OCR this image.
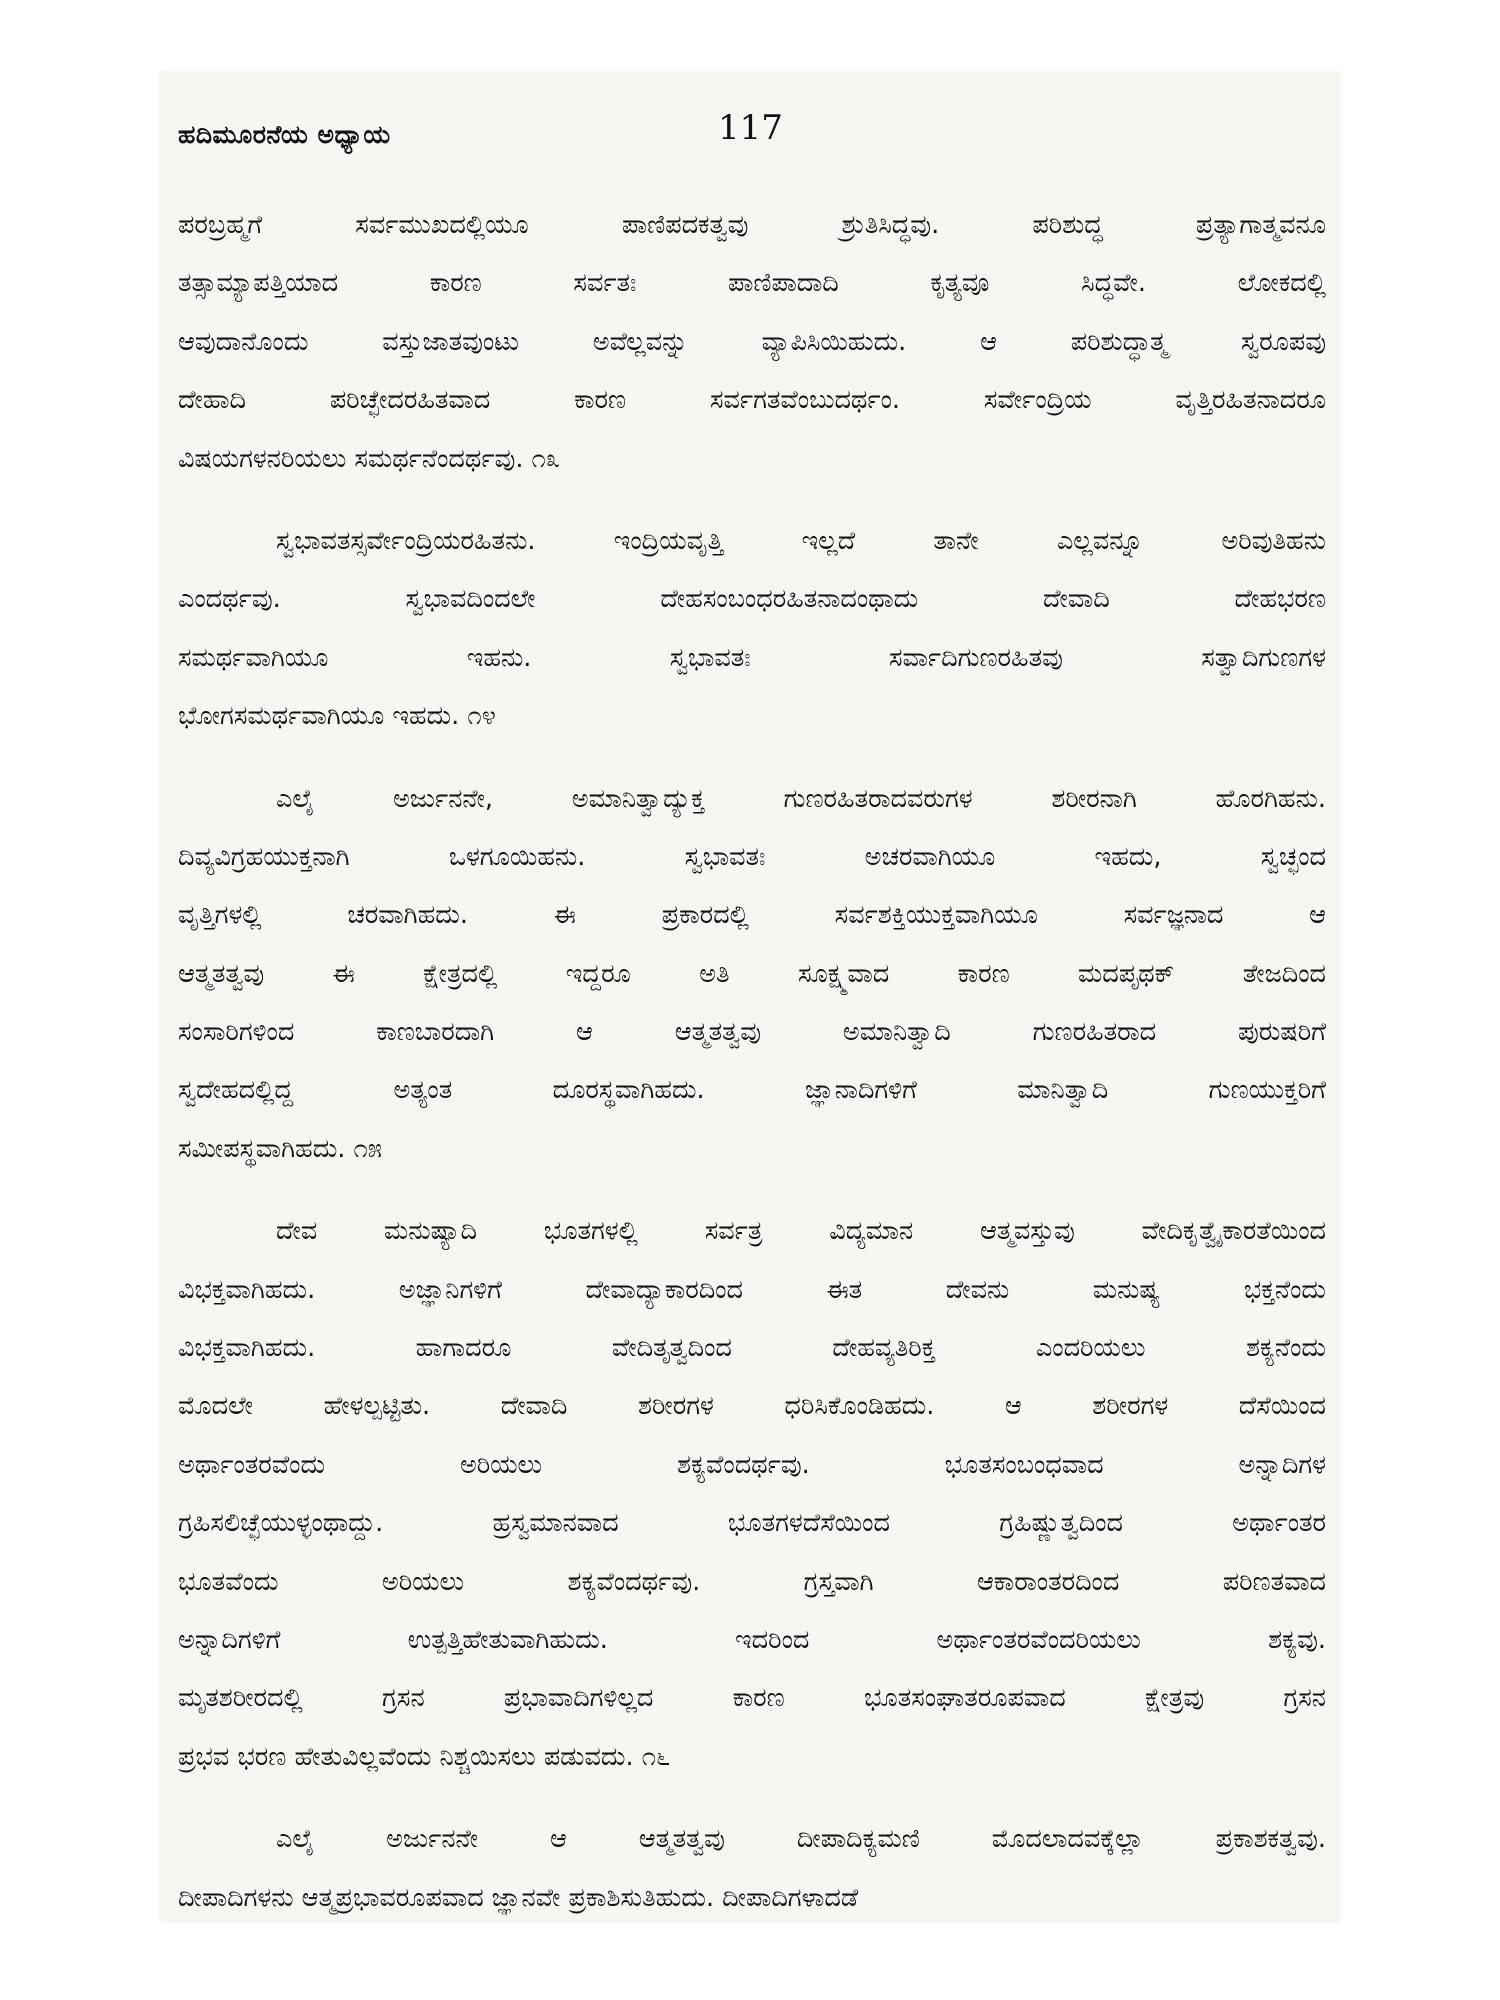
ಹದಿಮೂರನೆಯ ಅಧ್ಯಾಯ	117
ಪರಬ್ರಹ್ಮಗೆ ಸರ್ವಮುಖದಲ್ಲಿಯೂ ಪಾಣಿಪದಕತ್ವವು ಶ್ರುತಿಸಿದ್ಧವು. ಪರಿಶುದ್ಧ ಪ್ರತ್ಯಾಗಾತ್ಮವನೂ
ತತ್ಸಾಮ್ಯಾಪತ್ತಿಯಾದ ಕಾರಣ ಸರ್ವತಃ ಪಾಣಿಪಾದಾದಿ ಕೃತ್ಯವೂ ಸಿದ್ಧವೇ. ಲೋಕದಲ್ಲಿ
ಆವುದಾನೊಂದು ವಸ್ತುಜಾತವುಂಟು ಅವೆಲ್ಲವನ್ನು ವ್ಯಾಪಿಸಿಯಿಹುದು. ಆ ಪರಿಶುದ್ಧಾತ್ಮ ಸ್ವರೂಪವು
ದೇಹಾದಿ ಪರಿಚ್ಛೇದರಹಿತವಾದ ಕಾರಣ ಸರ್ವಗತವೆಂಬುದರ್ಥಂ. ಸರ್ವೇಂದ್ರಿಯ ವೃತ್ತಿರಹಿತನಾದರೂ
ವಿಷಯಗಳನರಿಯಲು ಸಮರ್ಥನೆಂದರ್ಥವು. ೧೩
ಸ್ವಭಾವತಸ್ಸರ್ವೇಂದ್ರಿಯರಹಿತನು. ಇಂದ್ರಿಯವೃತ್ತಿ ಇಲ್ಲದೆ ತಾನೇ ಎಲ್ಲವನ್ನೂ ಅರಿವುತಿಹನು
ಎಂದರ್ಥವು. ಸ್ವಭಾವದಿಂದಲೇ ದೇಹಸಂಬಂಧರಹಿತನಾದಂಥಾದು ದೇವಾದಿ ದೇಹಭರಣ
ಸಮರ್ಥವಾಗಿಯೂ ಇಹನು. ಸ್ವಭಾವತಃ ಸರ್ವಾದಿಗುಣರಹಿತವು ಸತ್ವಾದಿಗುಣಗಳ
ಭೋಗಸಮರ್ಥವಾಗಿಯೂ ಇಹದು. ೧೪
ಎಲೈ ಅರ್ಜುನನೇ, ಅಮಾನಿತ್ವಾದ್ಯುಕ್ತ ಗುಣರಹಿತರಾದವರುಗಳ ಶರೀರನಾಗಿ ಹೊರಗಿಹನು.
ದಿವ್ಯವಿಗ್ರಹಯುಕ್ತನಾಗಿ ಒಳಗೂಯಿಹನು. ಸ್ವಭಾವತಃ ಅಚರವಾಗಿಯೂ ಇಹದು, ಸ್ವಚ್ಛಂದ
ವೃತ್ತಿಗಳಲ್ಲಿ ಚರವಾಗಿಹದು. ಈ ಪ್ರಕಾರದಲ್ಲಿ ಸರ್ವಶಕ್ತಿಯುಕ್ತವಾಗಿಯೂ ಸರ್ವಜ್ಞನಾದ ಆ
ಆತ್ಮತತ್ವವು ಈ ಕ್ಷೇತ್ರದಲ್ಲಿ ಇದ್ದರೂ ಅತಿ ಸೂಕ್ಷ್ಮವಾದ ಕಾರಣ ಮದಪೃಥಕ್ ತೇಜದಿಂದ
ಸಂಸಾರಿಗಳಿಂದ ಕಾಣಬಾರದಾಗಿ ಆ ಆತ್ಮತತ್ವವು ಅಮಾನಿತ್ವಾದಿ ಗುಣರಹಿತರಾದ ಪುರುಷರಿಗೆ
ಸ್ವದೇಹದಲ್ಲಿದ್ದ ಅತ್ಯಂತ ದೂರಸ್ಥವಾಗಿಹದು. ಜ್ಞಾನಾದಿಗಳಿಗೆ ಮಾನಿತ್ವಾದಿ ಗುಣಯುಕ್ತರಿಗೆ
ಸಮೀಪಸ್ಥವಾಗಿಹದು. ೧೫
ದೇವ ಮನುಷ್ಯಾದಿ ಭೂತಗಳಲ್ಲಿ ಸರ್ವತ್ರ ವಿದ್ಯಮಾನ ಆತ್ಮವಸ್ತುವು ವೇದಿಕೃತ್ವೈಕಾರತೆಯಿಂದ
ವಿಭಕ್ತವಾಗಿಹದು. ಅಜ್ಞಾನಿಗಳಿಗೆ ದೇವಾದ್ಯಾಕಾರದಿಂದ ಈತ ದೇವನು ಮನುಷ್ಯ ಭಕ್ತನೆಂದು
ವಿಭಕ್ತವಾಗಿಹದು. ಹಾಗಾದರೂ ವೇದಿತೃತ್ವದಿಂದ ದೇಹವ್ಯತಿರಿಕ್ತ ಎಂದರಿಯಲು ಶಕ್ಯನೆಂದು
ಮೊದಲೇ ಹೇಳಲ್ಪಟ್ಟಿತು. ದೇವಾದಿ ಶರೀರಗಳ ಧರಿಸಿಕೊಂಡಿಹದು. ಆ ಶರೀರಗಳ ದೆಸೆಯಿಂದ
ಅರ್ಥಾಂತರವೆಂದು ಅರಿಯಲು ಶಕ್ಯವೆಂದರ್ಥವು. ಭೂತಸಂಬಂಧವಾದ ಅನ್ನಾದಿಗಳ
ಗ್ರಹಿಸಲಿಚ್ಛೆಯುಳ್ಳಂಥಾದ್ದು. ಹ್ರಸ್ವಮಾನವಾದ ಭೂತಗಳದೆಸೆಯಿಂದ ಗ್ರಹಿಷ್ಣುತ್ವದಿಂದ ಅರ್ಥಾಂತರ
ಭೂತವೆಂದು ಅರಿಯಲು ಶಕ್ಯವೆಂದರ್ಥವು. ಗ್ರಸ್ತವಾಗಿ ಆಕಾರಾಂತರದಿಂದ ಪರಿಣತವಾದ
ಅನ್ನಾದಿಗಳಿಗೆ ಉತ್ಪತ್ತಿಹೇತುವಾಗಿಹುದು. ಇದರಿಂದ ಅರ್ಥಾಂತರವೆಂದರಿಯಲು ಶಕ್ಯವು.
ಮೃತಶರೀರದಲ್ಲಿ ಗ್ರಸನ ಪ್ರಭಾವಾದಿಗಳಿಲ್ಲದ ಕಾರಣ ಭೂತಸಂಘಾತರೂಪವಾದ ಕ್ಷೇತ್ರವು ಗ್ರಸನ
ಪ್ರಭವ ಭರಣ ಹೇತುವಿಲ್ಲವೆಂದು ನಿಶ್ಚಯಿಸಲು ಪಡುವದು. ೧೬
ಎಲೈ ಅರ್ಜುನನೇ ಆ ಆತ್ಮತತ್ವವು ದೀಪಾದಿಕ್ಯಮಣಿ ಮೊದಲಾದವಕ್ಕೆಲ್ಲಾ ಪ್ರಕಾಶಕತ್ವವು.
ದೀಪಾದಿಗಳನು ಆತ್ಮಪ್ರಭಾವರೂಪವಾದ ಜ್ಞಾನವೇ ಪ್ರಕಾಶಿಸುತಿಹುದು. ದೀಪಾದಿಗಳಾದಡೆ
